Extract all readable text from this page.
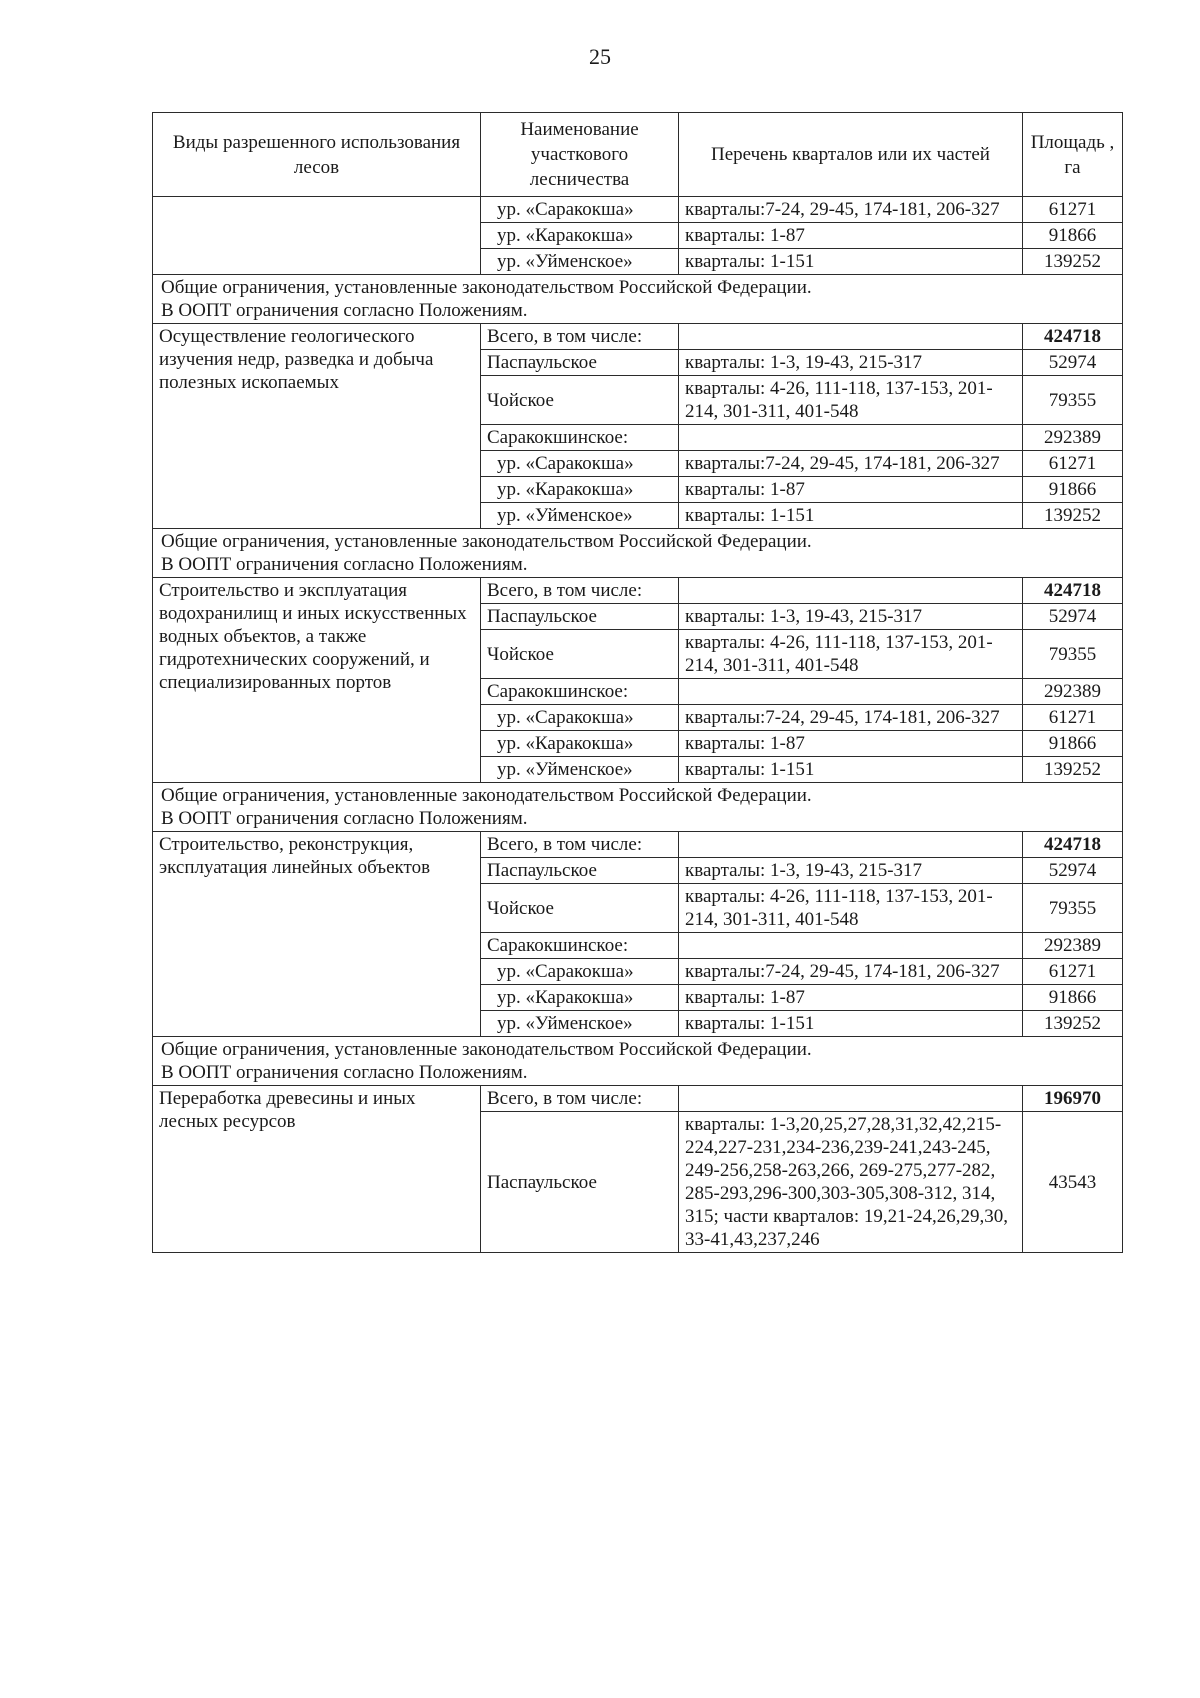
25
Виды разрешенного использования лесов	Наименование участкового лесничества	Перечень кварталов или их частей	Площадь , га
	ур. «Саракокша»	кварталы:7-24, 29-45, 174-181, 206-327	61271
	ур. «Каракокша»	кварталы: 1-87	91866
	ур. «Уйменское»	кварталы: 1-151	139252

Общие ограничения, установленные законодательством Российской Федерации.
В ООПТ ограничения согласно Положениям.			

Осуществление геологического изучения недр, разведка и добыча полезных ископаемых	Всего, в том числе:		424718
	Паспаульское	кварталы: 1-3, 19-43, 215-317	52974
	Чойское	кварталы: 4-26, 111-118, 137-153, 201-214, 301-311, 401-548	79355
	Саракокшинское:		292389
	ур. «Саракокша»	кварталы:7-24, 29-45, 174-181, 206-327	61271
	ур. «Каракокша»	кварталы: 1-87	91866
	ур. «Уйменское»	кварталы: 1-151	139252

Общие ограничения, установленные законодательством Российской Федерации.
В ООПТ ограничения согласно Положениям.			

Строительство и эксплуатация водохранилищ и иных искусственных водных объектов, а также гидротехнических сооружений, и специализированных портов	Всего, в том числе:		424718
	Паспаульское	кварталы: 1-3, 19-43, 215-317	52974
	Чойское	кварталы: 4-26, 111-118, 137-153, 201-214, 301-311, 401-548	79355
	Саракокшинское:		292389
	ур. «Саракокша»	кварталы:7-24, 29-45, 174-181, 206-327	61271
	ур. «Каракокша»	кварталы: 1-87	91866
	ур. «Уйменское»	кварталы: 1-151	139252

Общие ограничения, установленные законодательством Российской Федерации.
В ООПТ ограничения согласно Положениям.			

Строительство, реконструкция, эксплуатация линейных объектов	Всего, в том числе:		424718
	Паспаульское	кварталы: 1-3, 19-43, 215-317	52974
	Чойское	кварталы: 4-26, 111-118, 137-153, 201-214, 301-311, 401-548	79355
	Саракокшинское:		292389
	ур. «Саракокша»	кварталы:7-24, 29-45, 174-181, 206-327	61271
	ур. «Каракокша»	кварталы: 1-87	91866
	ур. «Уйменское»	кварталы: 1-151	139252

Общие ограничения, установленные законодательством Российской Федерации.
В ООПТ ограничения согласно Положениям.			

Переработка древесины и иных лесных ресурсов	Всего, в том числе:		196970
	Паспаульское	кварталы: 1-3,20,25,27,28,31,32,42,215-224,227-231,234-236,239-241,243-245, 249-256,258-263,266, 269-275,277-282, 285-293,296-300,303-305,308-312, 314, 315; части кварталов: 19,21-24,26,29,30, 33-41,43,237,246	43543
